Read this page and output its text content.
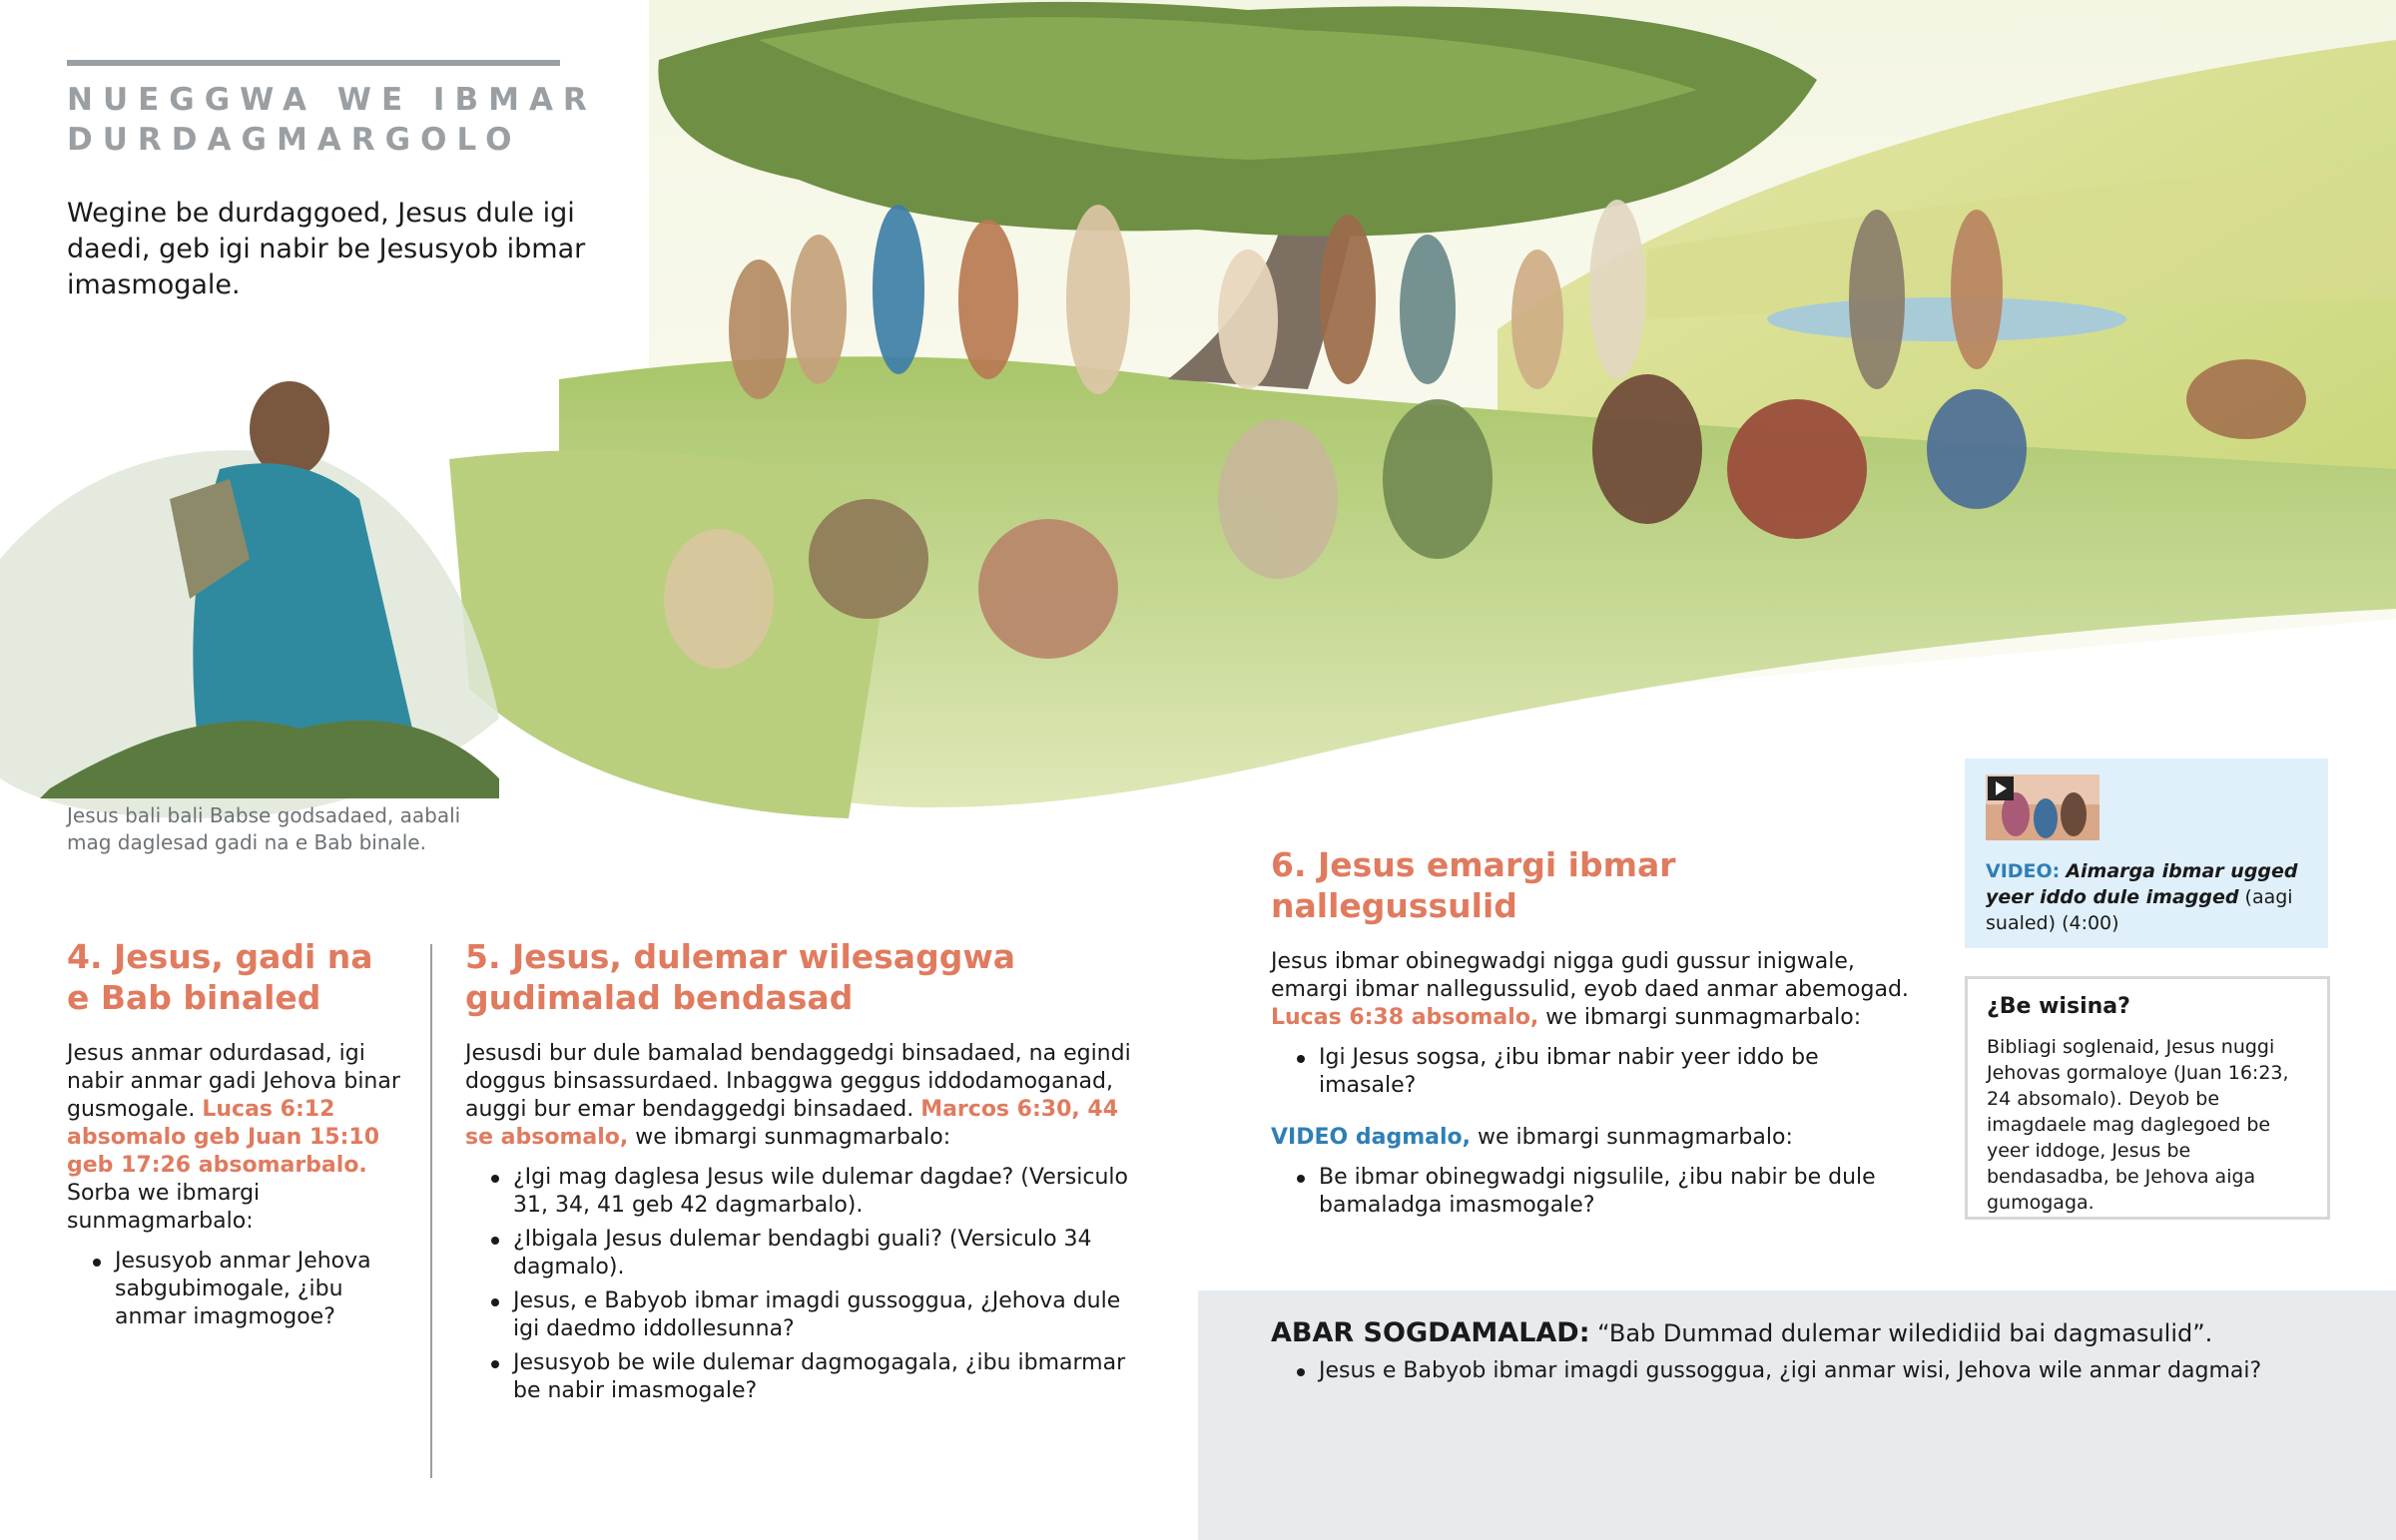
NUEGGWA WE IBMAR DURDAGMARGOLO
Wegine be durdaggoed, Jesus dule igi daedi, geb igi nabir be Jesusyob ibmar imasmogale.
Jesus bali bali Babse godsadaed, aabali mag daglesad gadi na e Bab binale.
4. Jesus, gadi na
e Bab binaled
Jesus anmar odurdasad, igi nabir anmar gadi Jehova binar gusmogale. Lucas 6:12 absomalo geb Juan 15:10 geb 17:26 absomarbalo. Sorba we ibmargi sunmagmarbalo:
Jesusyob anmar Jehova sabgubimogale, ¿ibu anmar imagmogoe?
5. Jesus, dulemar wilesaggwa gudimalad bendasad
Jesusdi bur dule bamalad bendaggedgi binsadaed, na egindi doggus binsassurdaed. Inbaggwa geggus iddodamoganad, auggi bur emar bendaggedgi binsadaed. Marcos 6:30, 44 se absomalo, we ibmargi sunmagmarbalo:
¿Igi mag daglesa Jesus wile dulemar dagdae? (Versiculo 31, 34, 41 geb 42 dagmarbalo).
¿Ibigala Jesus dulemar bendagbi guali? (Versiculo 34 dagmalo).
Jesus, e Babyob ibmar imagdi gussoggua, ¿Jehova dule igi daedmo iddollesunna?
Jesusyob be wile dulemar dagmogagala, ¿ibu ibmarmar be nabir imasmogale?
6. Jesus emargi ibmar nallegussulid
Jesus ibmar obinegwadgi nigga gudi gussur inigwale, emargi ibmar nallegussulid, eyob daed anmar abemogad. Lucas 6:38 absomalo, we ibmargi sunmagmarbalo:
Igi Jesus sogsa, ¿ibu ibmar nabir yeer iddo be imasale?
VIDEO dagmalo, we ibmargi sunmagmarbalo:
Be ibmar obinegwadgi nigsulile, ¿ibu nabir be dule bamaladga imasmogale?
VIDEO: Aimarga ibmar ugged yeer iddo dule imagged (aagi sualed) (4:00)
¿Be wisina?
Bibliagi soglenaid, Jesus nuggi Jehovas gormaloye (Juan 16:23, 24 absomalo). Deyob be imagdaele mag daglegoed be yeer iddoge, Jesus be bendasadba, be Jehova aiga gumogaga.
ABAR SOGDAMALAD: “Bab Dummad dulemar wiledidiid bai dagmasulid”.
Jesus e Babyob ibmar imagdi gussoggua, ¿igi anmar wisi, Jehova wile anmar dagmai?
